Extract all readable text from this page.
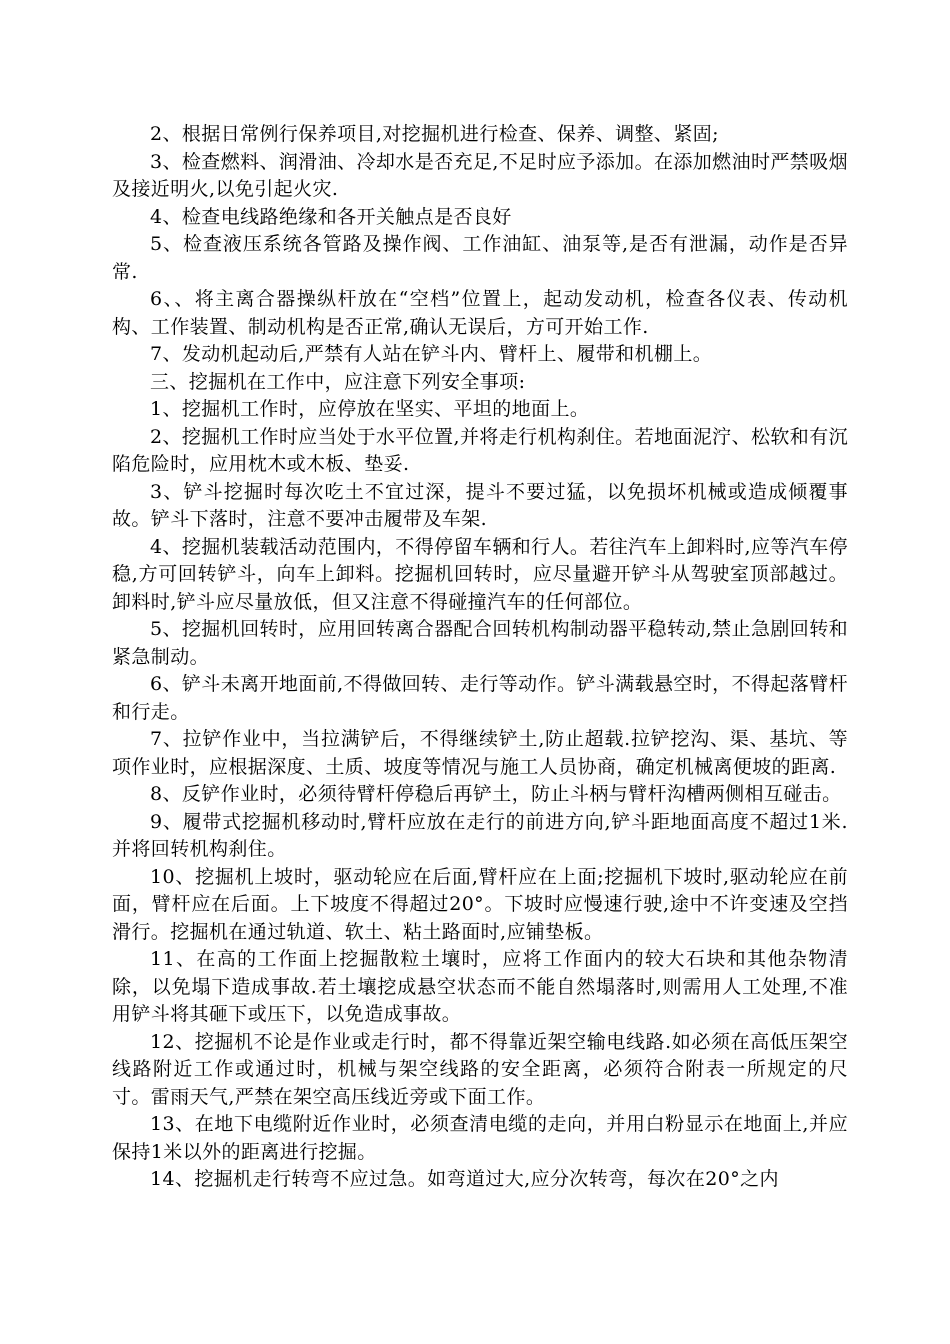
2、根据日常例行保养项目,对挖掘机进行检查、保养、调整、紧固;

3、检查燃料、润滑油、冷却水是否充足,不足时应予添加。在添加燃油时严禁吸烟及接近明火,以免引起火灾.

4、检查电线路绝缘和各开关触点是否良好

5、检查液压系统各管路及操作阀、工作油缸、油泵等,是否有泄漏，动作是否异常.

6、、将主离合器操纵杆放在“空档”位置上，起动发动机，检查各仪表、传动机构、工作装置、制动机构是否正常,确认无误后，方可开始工作.

7、发动机起动后,严禁有人站在铲斗内、臂杆上、履带和机棚上。

三、挖掘机在工作中，应注意下列安全事项:

1、挖掘机工作时，应停放在坚实、平坦的地面上。

2、挖掘机工作时应当处于水平位置,并将走行机构刹住。若地面泥泞、松软和有沉陷危险时，应用枕木或木板、垫妥.

3、铲斗挖掘时每次吃土不宜过深，提斗不要过猛，以免损坏机械或造成倾覆事故。铲斗下落时，注意不要冲击履带及车架.

4、挖掘机装载活动范围内，不得停留车辆和行人。若往汽车上卸料时,应等汽车停稳,方可回转铲斗，向车上卸料。挖掘机回转时，应尽量避开铲斗从驾驶室顶部越过。卸料时,铲斗应尽量放低，但又注意不得碰撞汽车的任何部位。

5、挖掘机回转时，应用回转离合器配合回转机构制动器平稳转动,禁止急剧回转和紧急制动。

6、铲斗未离开地面前,不得做回转、走行等动作。铲斗满载悬空时，不得起落臂杆和行走。

7、拉铲作业中，当拉满铲后，不得继续铲土,防止超载.拉铲挖沟、渠、基坑、等项作业时，应根据深度、土质、坡度等情况与施工人员协商，确定机械离便坡的距离.

8、反铲作业时，必须待臂杆停稳后再铲土，防止斗柄与臂杆沟槽两侧相互碰击。

9、履带式挖掘机移动时,臂杆应放在走行的前进方向,铲斗距地面高度不超过1米.并将回转机构刹住。

10、挖掘机上坡时，驱动轮应在后面,臂杆应在上面;挖掘机下坡时,驱动轮应在前面，臂杆应在后面。上下坡度不得超过20°。下坡时应慢速行驶,途中不许变速及空挡滑行。挖掘机在通过轨道、软土、粘土路面时,应铺垫板。

11、在高的工作面上挖掘散粒土壤时，应将工作面内的较大石块和其他杂物清除，以免塌下造成事故.若土壤挖成悬空状态而不能自然塌落时,则需用人工处理,不准用铲斗将其砸下或压下，以免造成事故。

12、挖掘机不论是作业或走行时，都不得靠近架空输电线路.如必须在高低压架空线路附近工作或通过时，机械与架空线路的安全距离，必须符合附表一所规定的尺寸。雷雨天气,严禁在架空高压线近旁或下面工作。

13、在地下电缆附近作业时，必须查清电缆的走向，并用白粉显示在地面上,并应保持1米以外的距离进行挖掘。

14、挖掘机走行转弯不应过急。如弯道过大,应分次转弯，每次在20°之内
